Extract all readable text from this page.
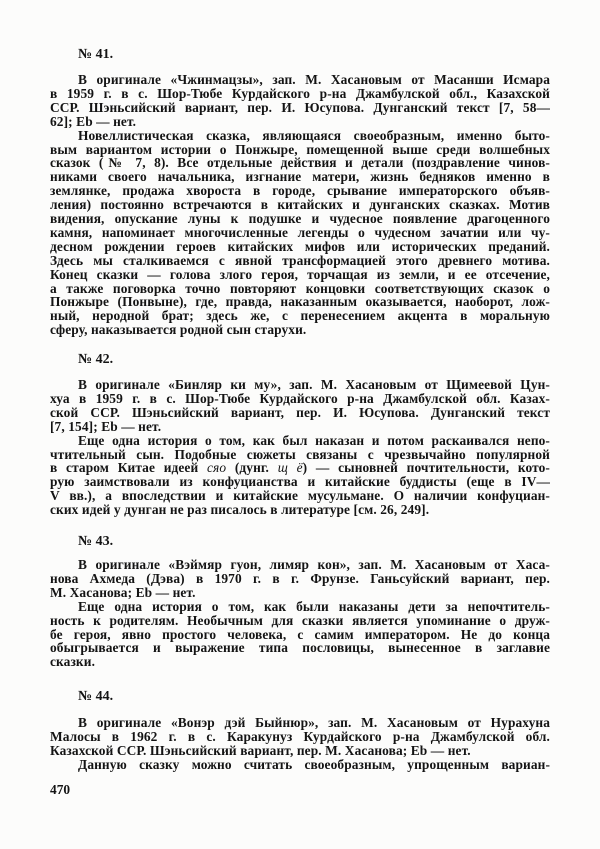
№ 41.
В оригинале «Чжинмацзы», зап. М. Хасановым от Масанши Исмара
в 1959 г. в с. Шор-Тюбе Курдайского р-на Джамбулской обл., Казахской
ССР. Шэньсийский вариант, пер. И. Юсупова. Дунганский текст [7, 58—
62]; Eb — нет.
Новеллистическая сказка, являющаяся своеобразным, именно быто-
вым вариантом истории о Понжыре, помещенной выше среди волшебных
сказок (№ 7, 8). Все отдельные действия и детали (поздравление чинов-
никами своего начальника, изгнание матери, жизнь бедняков именно в
землянке, продажа хвороста в городе, срывание императорского объяв-
ления) постоянно встречаются в китайских и дунганских сказках. Мотив
видения, опускание луны к подушке и чудесное появление драгоценного
камня, напоминает многочисленные легенды о чудесном зачатии или чу-
десном рождении героев китайских мифов или исторических преданий.
Здесь мы сталкиваемся с явной трансформацией этого древнего мотива.
Конец сказки — голова злого героя, торчащая из земли, и ее отсечение,
а также поговорка точно повторяют концовки соответствующих сказок о
Понжыре (Понвыне), где, правда, наказанным оказывается, наоборот, лож-
ный, неродной брат; здесь же, с перенесением акцента в моральную
сферу, наказывается родной сын старухи.
№ 42.
В оригинале «Бинляр ки му», зап. М. Хасановым от Щимеевой Цун-
хуа в 1959 г. в с. Шор-Тюбе Курдайского р-на Джамбулской обл. Казах-
ской ССР. Шэньсийский вариант, пер. И. Юсупова. Дунганский текст
[7, 154]; Eb — нет.
Еще одна история о том, как был наказан и потом раскаивался непо-
чтительный сын. Подобные сюжеты связаны с чрезвычайно популярной
в старом Китае идеей сяо (дунг. щ ё) — сыновней почтительности, кото-
рую заимствовали из конфуцианства и китайские буддисты (еще в IV—
V вв.), а впоследствии и китайские мусульмане. О наличии конфуциан-
ских идей у дунган не раз писалось в литературе [см. 26, 249].
№ 43.
В оригинале «Вэймяр гуон, лимяр кон», зап. М. Хасановым от Хаса-
нова Ахмеда (Дэва) в 1970 г. в г. Фрунзе. Ганьсуйский вариант, пер.
М. Хасанова; Eb — нет.
Еще одна история о том, как были наказаны дети за непочтитель-
ность к родителям. Необычным для сказки является упоминание о друж-
бе героя, явно простого человека, с самим императором. Не до конца
обыгрывается и выражение типа пословицы, вынесенное в заглавие
сказки.
№ 44.
В оригинале «Вонэр дэй Быйнюр», зап. М. Хасановым от Нурахуна
Малосы в 1962 г. в с. Каракунуз Курдайского р-на Джамбулской обл.
Казахской ССР. Шэньсийский вариант, пер. М. Хасанова; Eb — нет.
Данную сказку можно считать своеобразным, упрощенным вариан-
470
